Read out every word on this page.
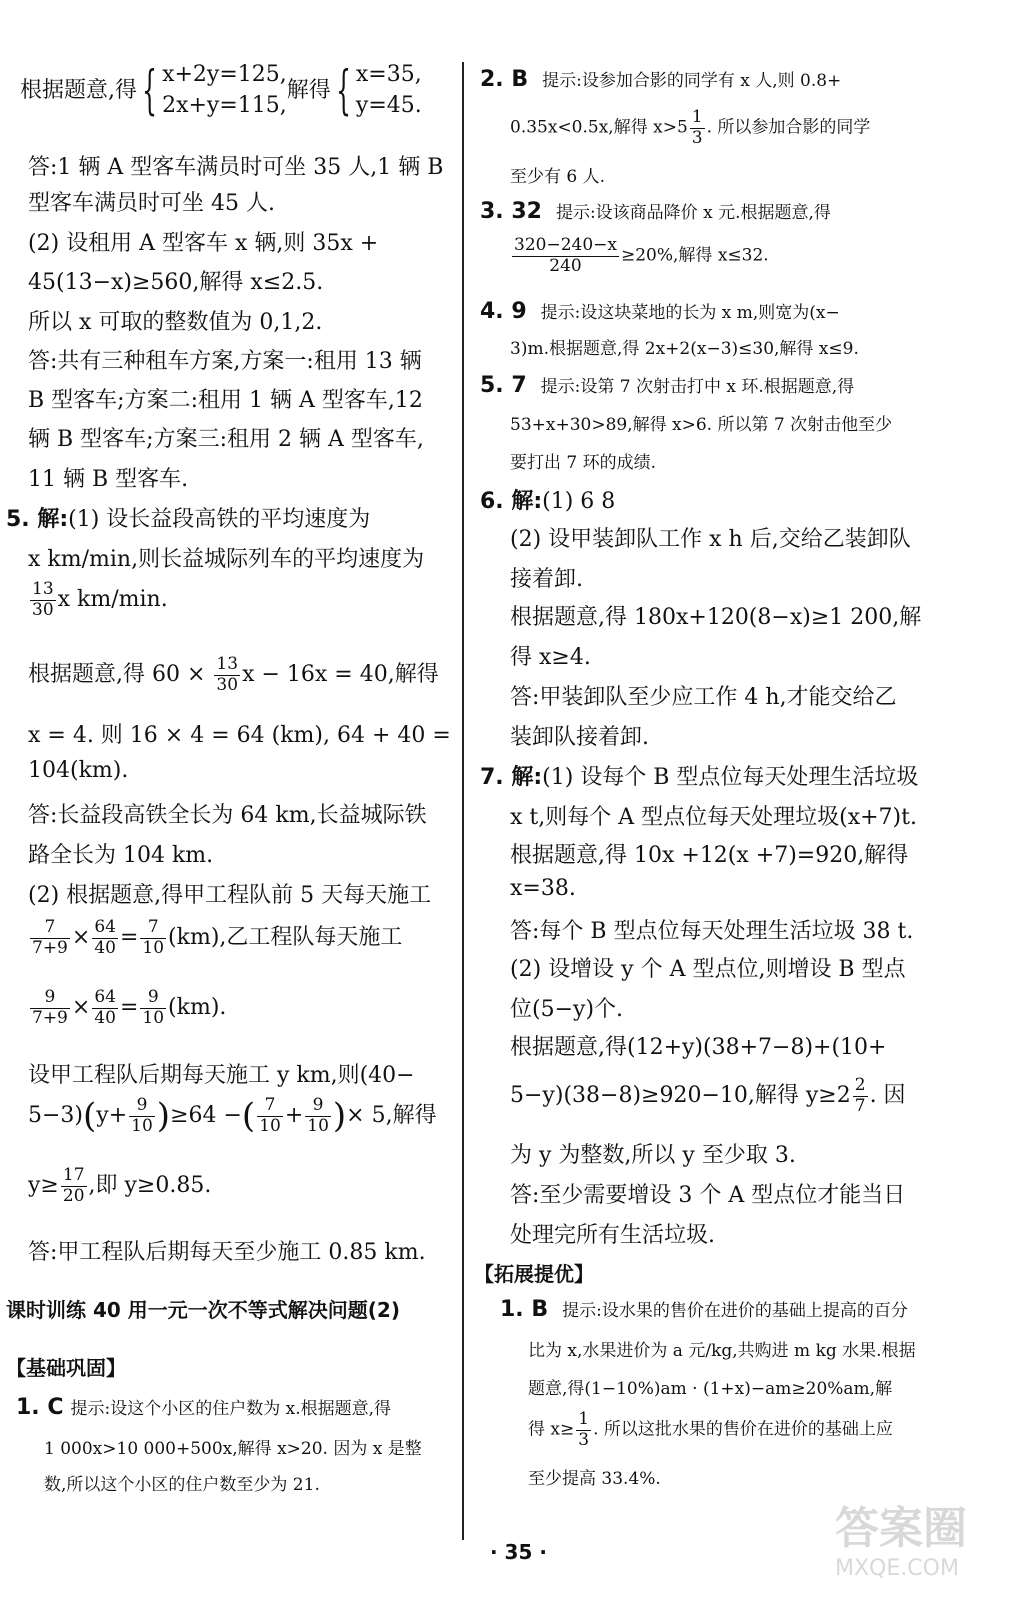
根据题意,得{ x+2y=125,
2x+y=115,
解得{ x=35,
y=45.
答:1 辆 A 型客车满员时可坐 35 人,1 辆 B
型客车满员时可坐 45 人.
(2) 设租用 A 型客车 x 辆,则 35x +
45(13−x)≥560,解得 x≤2.5.
所以 x 可取的整数值为 0,1,2.
答:共有三种租车方案,方案一:租用 13 辆
B 型客车;方案二:租用 1 辆 A 型客车,12
辆 B 型客车;方案三:租用 2 辆 A 型客车,
11 辆 B 型客车.
5. 解:(1) 设长益段高铁的平均速度为
x km/min,则长益城际列车的平均速度为
$\frac{13}{30}$ x km/min.
根据题意,得 $60 \times \frac{13}{30}$ x − 16x = 40,解得
x = 4. 则 16 × 4 = 64 (km), 64 + 40 =
104(km).
答:长益段高铁全长为 64 km,长益城际铁
路全长为 104 km.
(2) 根据题意,得甲工程队前 5 天每天施工
$\frac{7}{7+9} \times \frac{64}{40} = \frac{7}{10} (km)$,乙工程队每天施工
$\frac{9}{7+9} \times \frac{64}{40} = \frac{9}{10} (km)$.
设甲工程队后期每天施工 y km,则(40−
$5-3)(y+ \frac{9}{10} )\ge 64$ −( $\frac{7}{10} + \frac{9}{10}$ )× 5,解得
$y\ge \frac{17}{20}$ ,即 y≥0.85.
答:甲工程队后期每天至少施工 0.85 km.
课时训练 40 用一元一次不等式解决问题(2)
【基础巩固】
1. C 提示:设这个小区的住户数为 x.根据题意,得
1 000x>10 000+500x,解得 x>20. 因为 x 是整
数,所以这个小区的住户数至少为 21.
2. B 提示:设参加合影的同学有 x 人,则 0.8+
0.35x<0.5x,解得 $x>5 \frac{1}{3}$ . 所以参加合影的同学
至少有 6 人.
3. 32 提示:设该商品降价 x 元.根据题意,得
$\frac{320-240-x}{240} \ge 20\%$,解得 x≤32.
4. 9 提示:设这块菜地的长为 x m,则宽为(x−
3)m.根据题意,得 2x+2(x−3)≤30,解得 x≤9.
5. 7 提示:设第 7 次射击打中 x 环.根据题意,得
53+x+30>89,解得 x>6. 所以第 7 次射击他至少
要打出 7 环的成绩.
6. 解:(1) 6 8
(2) 设甲装卸队工作 x h 后,交给乙装卸队
接着卸.
根据题意,得 180x+120(8−x)≥1 200,解
得 x≥4.
答:甲装卸队至少应工作 4 h,才能交给乙
装卸队接着卸.
7. 解:(1) 设每个 B 型点位每天处理生活垃圾
x t,则每个 A 型点位每天处理垃圾(x+7)t.
根据题意,得 10x +12(x +7)=920,解得
x=38.
答:每个 B 型点位每天处理生活垃圾 38 t.
(2) 设增设 y 个 A 型点位,则增设 B 型点
位(5−y)个.
根据题意,得(12+y)(38+7−8)+(10+
5−y)(38−8)≥920−10,解得 $y\ge 2 \frac{2}{7}$ . 因
为 y 为整数,所以 y 至少取 3.
答:至少需要增设 3 个 A 型点位才能当日
处理完所有生活垃圾.
【拓展提优】
1. B 提示:设水果的售价在进价的基础上提高的百分
比为 x,水果进价为 a 元/kg,共购进 m kg 水果.根据
题意,得(1−10%)am · (1+x)−am≥20%am,解
得 $x\ge \frac{1}{3}$ . 所以这批水果的售价在进价的基础上应
至少提高 33.4%.
· 35 ·	答案圈
MXQE.COM
